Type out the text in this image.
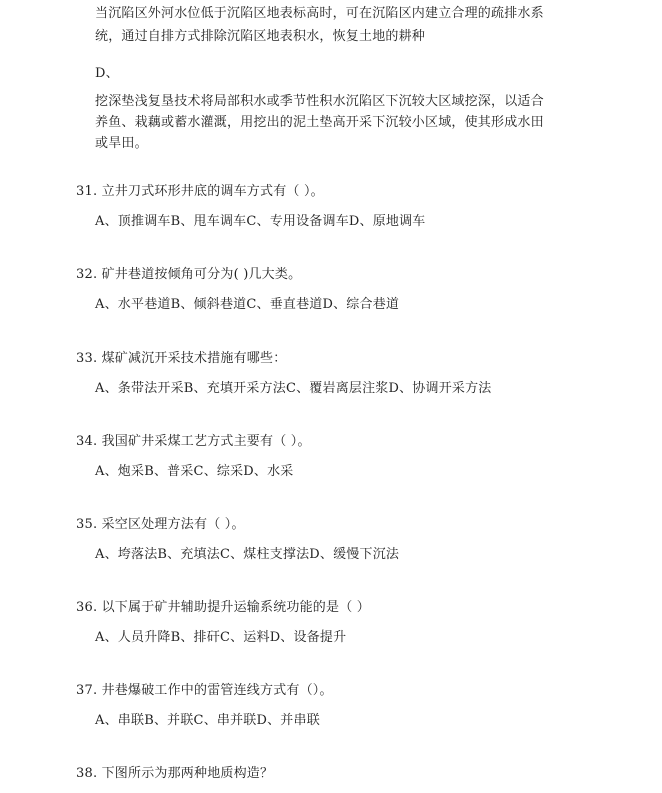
当沉陷区外河水位低于沉陷区地表标高时，可在沉陷区内建立合理的疏排水系
统，通过自排方式排除沉陷区地表积水，恢复土地的耕种
D、
挖深垫浅复垦技术将局部积水或季节性积水沉陷区下沉较大区域挖深，以适合
养鱼、栽藕或蓄水灌溉，用挖出的泥土垫高开采下沉较小区域，使其形成水田
或旱田。
31. 立井刀式环形井底的调车方式有（ ）。
A、顶推调车B、甩车调车C、专用设备调车D、原地调车
32. 矿井巷道按倾角可分为( )几大类。
A、水平巷道B、倾斜巷道C、垂直巷道D、综合巷道
33. 煤矿减沉开采技术措施有哪些：
A、条带法开采B、充填开采方法C、覆岩离层注浆D、协调开采方法
34. 我国矿井采煤工艺方式主要有（ ）。
A、炮采B、普采C、综采D、水采
35. 采空区处理方法有（ ）。
A、垮落法B、充填法C、煤柱支撑法D、缓慢下沉法
36. 以下属于矿井辅助提升运输系统功能的是（ ）
A、人员升降B、排矸C、运料D、设备提升
37. 井巷爆破工作中的雷管连线方式有（）。
A、串联B、并联C、串并联D、并串联
38. 下图所示为那两种地质构造？
